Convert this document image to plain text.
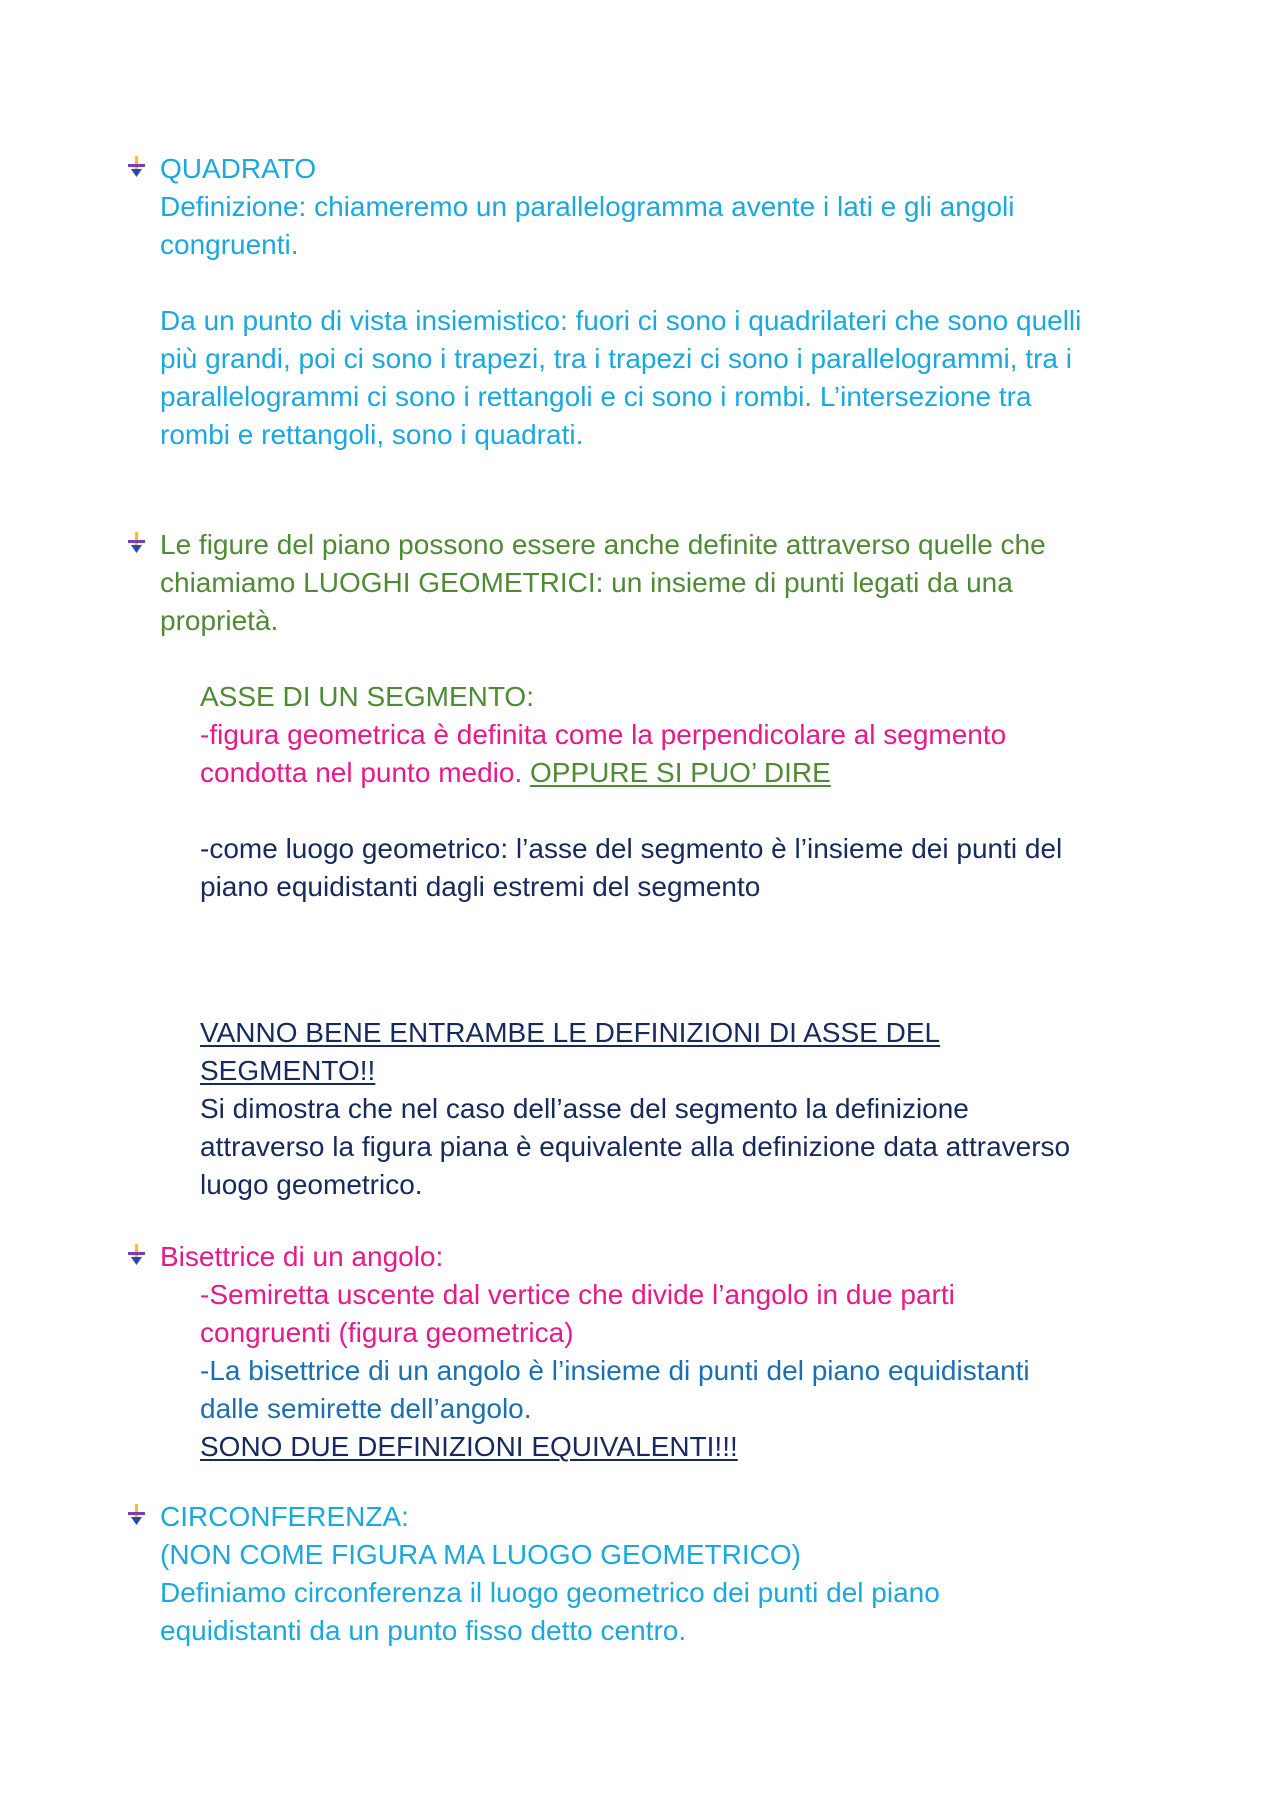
QUADRATO

Definizione: chiameremo un parallelogramma avente i lati e gli angoli

congruenti.

Da un punto di vista insiemistico: fuori ci sono i quadrilateri che sono quelli

più grandi, poi ci sono i trapezi, tra i trapezi ci sono i parallelogrammi, tra i

parallelogrammi ci sono i rettangoli e ci sono i rombi. L’intersezione tra

rombi e rettangoli, sono i quadrati.

Le figure del piano possono essere anche definite attraverso quelle che

chiamiamo LUOGHI GEOMETRICI: un insieme di punti legati da una

proprietà.

ASSE DI UN SEGMENTO:

-figura geometrica è definita come la perpendicolare al segmento

condotta nel punto medio. OPPURE SI PUO’ DIRE

-come luogo geometrico: l’asse del segmento è l’insieme dei punti del

piano equidistanti dagli estremi del segmento

VANNO BENE ENTRAMBE LE DEFINIZIONI DI ASSE DEL

SEGMENTO!!

Si dimostra che nel caso dell’asse del segmento la definizione

attraverso la figura piana è equivalente alla definizione data attraverso

luogo geometrico.

Bisettrice di un angolo:

-Semiretta uscente dal vertice che divide l’angolo in due parti

congruenti (figura geometrica)

-La bisettrice di un angolo è l’insieme di punti del piano equidistanti

dalle semirette dell’angolo.

SONO DUE DEFINIZIONI EQUIVALENTI!!!

CIRCONFERENZA:

(NON COME FIGURA MA LUOGO GEOMETRICO)

Definiamo circonferenza il luogo geometrico dei punti del piano

equidistanti da un punto fisso detto centro.
